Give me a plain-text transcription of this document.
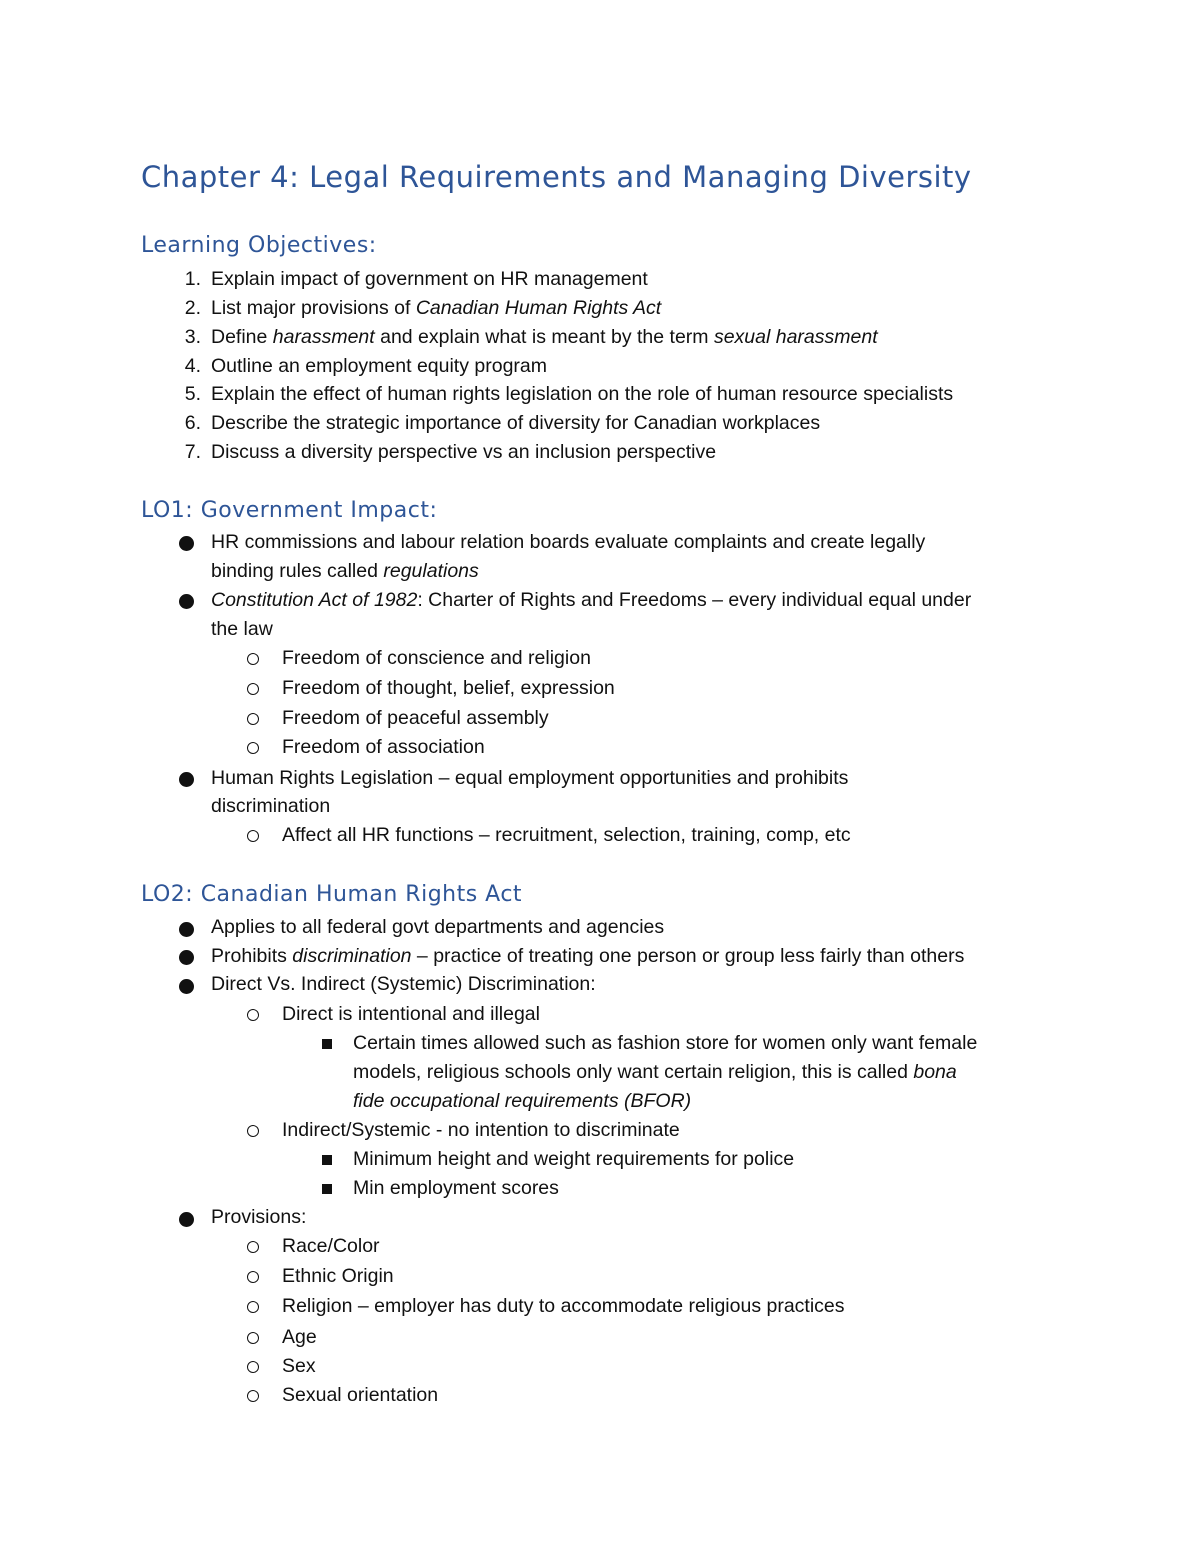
Chapter 4: Legal Requirements and Managing Diversity
Learning Objectives:
1. Explain impact of government on HR management
2. List major provisions of Canadian Human Rights Act
3. Define harassment and explain what is meant by the term sexual harassment
4. Outline an employment equity program
5. Explain the effect of human rights legislation on the role of human resource specialists
6. Describe the strategic importance of diversity for Canadian workplaces
7. Discuss a diversity perspective vs an inclusion perspective
LO1: Government Impact:
HR commissions and labour relation boards evaluate complaints and create legally
binding rules called regulations
Constitution Act of 1982: Charter of Rights and Freedoms – every individual equal under
the law
Freedom of conscience and religion
Freedom of thought, belief, expression
Freedom of peaceful assembly
Freedom of association
Human Rights Legislation – equal employment opportunities and prohibits
discrimination
Affect all HR functions – recruitment, selection, training, comp, etc
LO2: Canadian Human Rights Act
Applies to all federal govt departments and agencies
Prohibits discrimination – practice of treating one person or group less fairly than others
Direct Vs. Indirect (Systemic) Discrimination:
Direct is intentional and illegal
Certain times allowed such as fashion store for women only want female
models, religious schools only want certain religion, this is called bona
fide occupational requirements (BFOR)
Indirect/Systemic - no intention to discriminate
Minimum height and weight requirements for police
Min employment scores
Provisions:
Race/Color
Ethnic Origin
Religion – employer has duty to accommodate religious practices
Age
Sex
Sexual orientation
